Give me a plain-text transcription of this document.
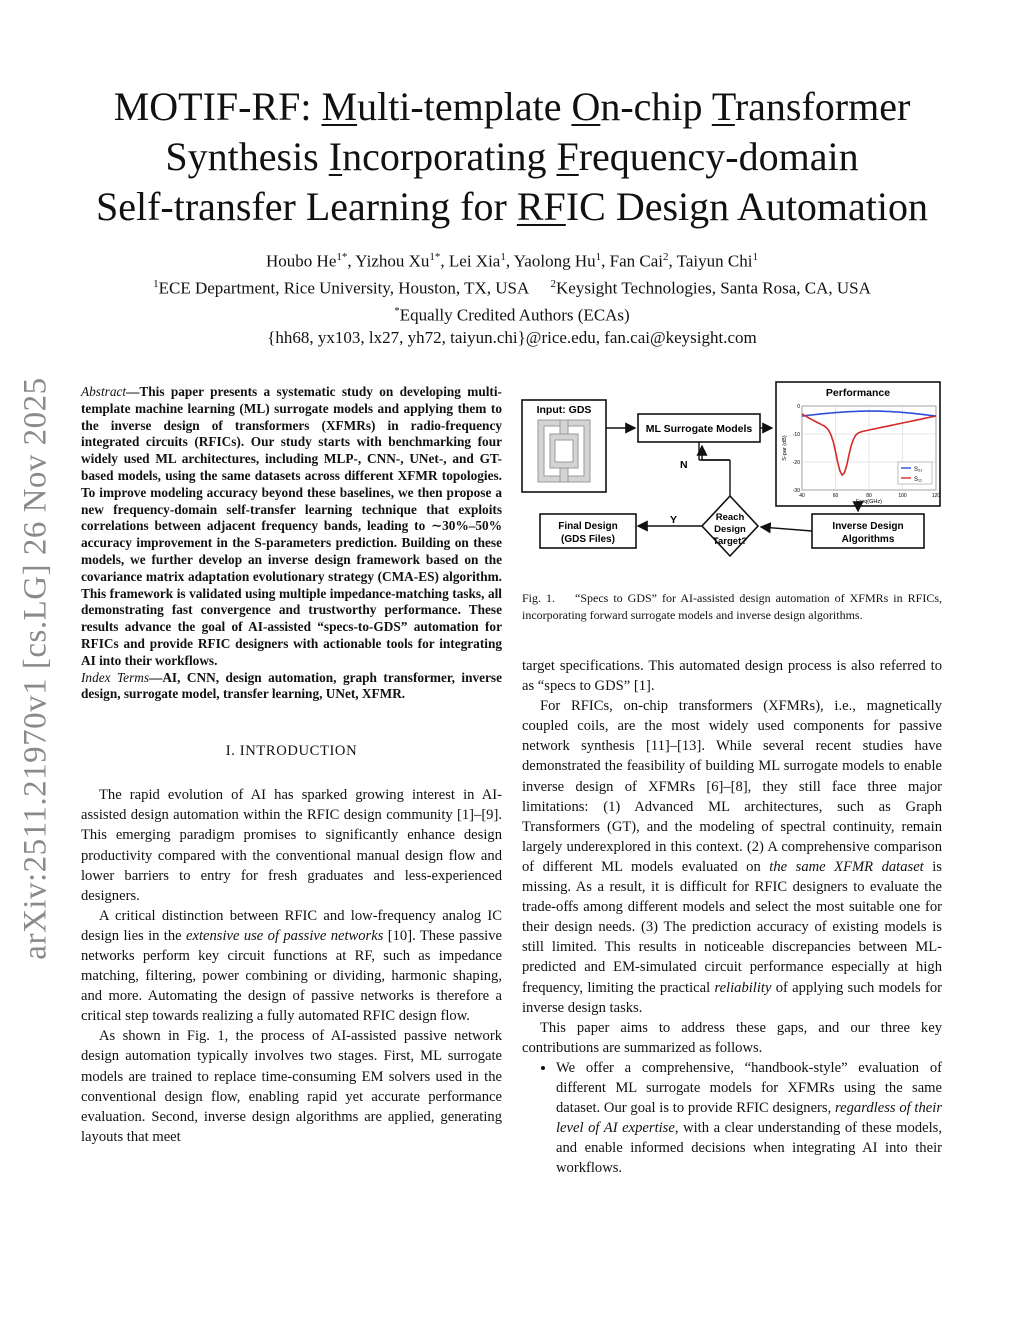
arXiv:2511.21970v1 [cs.LG] 26 Nov 2025
MOTIF-RF: Multi-template On-chip Transformer
Synthesis Incorporating Frequency-domain
Self-transfer Learning for RFIC Design Automation
Houbo $He^{1*}$, Yizhou $Xu^{1*}$, Lei Xia$^1$, Yaolong Hu$^1$, Fan Cai$^2$, Taiyun Chi$^1$
$^1$ECE Department, Rice University, Houston, TX, USA $^2$Keysight Technologies, Santa Rosa, CA, USA
*Equally Credited Authors (ECAs)
{hh68, yx103, lx27, yh72, taiyun.chi}@rice.edu, fan.cai@keysight.com

Abstract—This paper presents a systematic study on developing multi-template machine learning (ML) surrogate models and applying them to the inverse design of transformers (XFMRs) in radio-frequency integrated circuits (RFICs). Our study starts with benchmarking four widely used ML architectures, including MLP-, CNN-, UNet-, and GT-based models, using the same datasets across different XFMR topologies. To improve modeling accuracy beyond these baselines, we then propose a new frequency-domain self-transfer learning technique that exploits correlations between adjacent frequency bands, leading to ∼30%–50% accuracy improvement in the S-parameters prediction. Building on these models, we further develop an inverse design framework based on the covariance matrix adaptation evolutionary strategy (CMA-ES) algorithm. This framework is validated using multiple impedance-matching tasks, all demonstrating fast convergence and trustworthy performance. These results advance the goal of AI-assisted “specs-to-GDS” automation for RFICs and provide RFIC designers with actionable tools for integrating AI into their workflows.

Index Terms—AI, CNN, design automation, graph transformer, inverse design, surrogate model, transfer learning, UNet, XFMR.

I. INTRODUCTION

The rapid evolution of AI has sparked growing interest in AI-assisted design automation within the RFIC design community [1]–[9]. This emerging paradigm promises to significantly enhance design productivity compared with the conventional manual design flow and lower barriers to entry for fresh graduates and less-experienced designers.

A critical distinction between RFIC and low-frequency analog IC design lies in the extensive use of passive networks [10]. These passive networks perform key circuit functions at RF, such as impedance matching, filtering, power combining or dividing, harmonic shaping, and more. Automating the design of passive networks is therefore a critical step towards realizing a fully automated RFIC design flow.

As shown in Fig. 1, the process of AI-assisted passive network design automation typically involves two stages. First, ML surrogate models are trained to replace time-consuming EM solvers used in the conventional design flow, enabling rapid yet accurate performance evaluation. Second, inverse design algorithms are applied, generating layouts that meet

Input: GDS
ML Surrogate Models
Performance
40	60	80	100	120
0
-10
-20
-30
S₂₁
S₁₁
Freq(GHz)
S-par (dB)
N
Reach
Design
Target?
Inverse Design
Algorithms
Y
Final Design
(GDS Files)
Fig. 1. “Specs to GDS” for AI-assisted design automation of XFMRs in RFICs, incorporating forward surrogate models and inverse design algorithms.

target specifications. This automated design process is also referred to as “specs to GDS” [1].

For RFICs, on-chip transformers (XFMRs), i.e., magnetically coupled coils, are the most widely used components for passive network synthesis [11]–[13]. While several recent studies have demonstrated the feasibility of building ML surrogate models to enable inverse design of XFMRs [6]–[8], they still face three major limitations: (1) Advanced ML architectures, such as Graph Transformers (GT), and the modeling of spectral continuity, remain largely underexplored in this context. (2) A comprehensive comparison of different ML models evaluated on the same XFMR dataset is missing. As a result, it is difficult for RFIC designers to evaluate the trade-offs among different models and select the most suitable one for their design needs. (3) The prediction accuracy of existing models is still limited. This results in noticeable discrepancies between ML-predicted and EM-simulated circuit performance especially at high frequency, limiting the practical reliability of applying such models for inverse design tasks.

This paper aims to address these gaps, and our three key contributions are summarized as follows.

• We offer a comprehensive, “handbook-style” evaluation of different ML surrogate models for XFMRs using the same dataset. Our goal is to provide RFIC designers, regardless of their level of AI expertise, with a clear understanding of these models, and enable informed decisions when integrating AI into their workflows.
